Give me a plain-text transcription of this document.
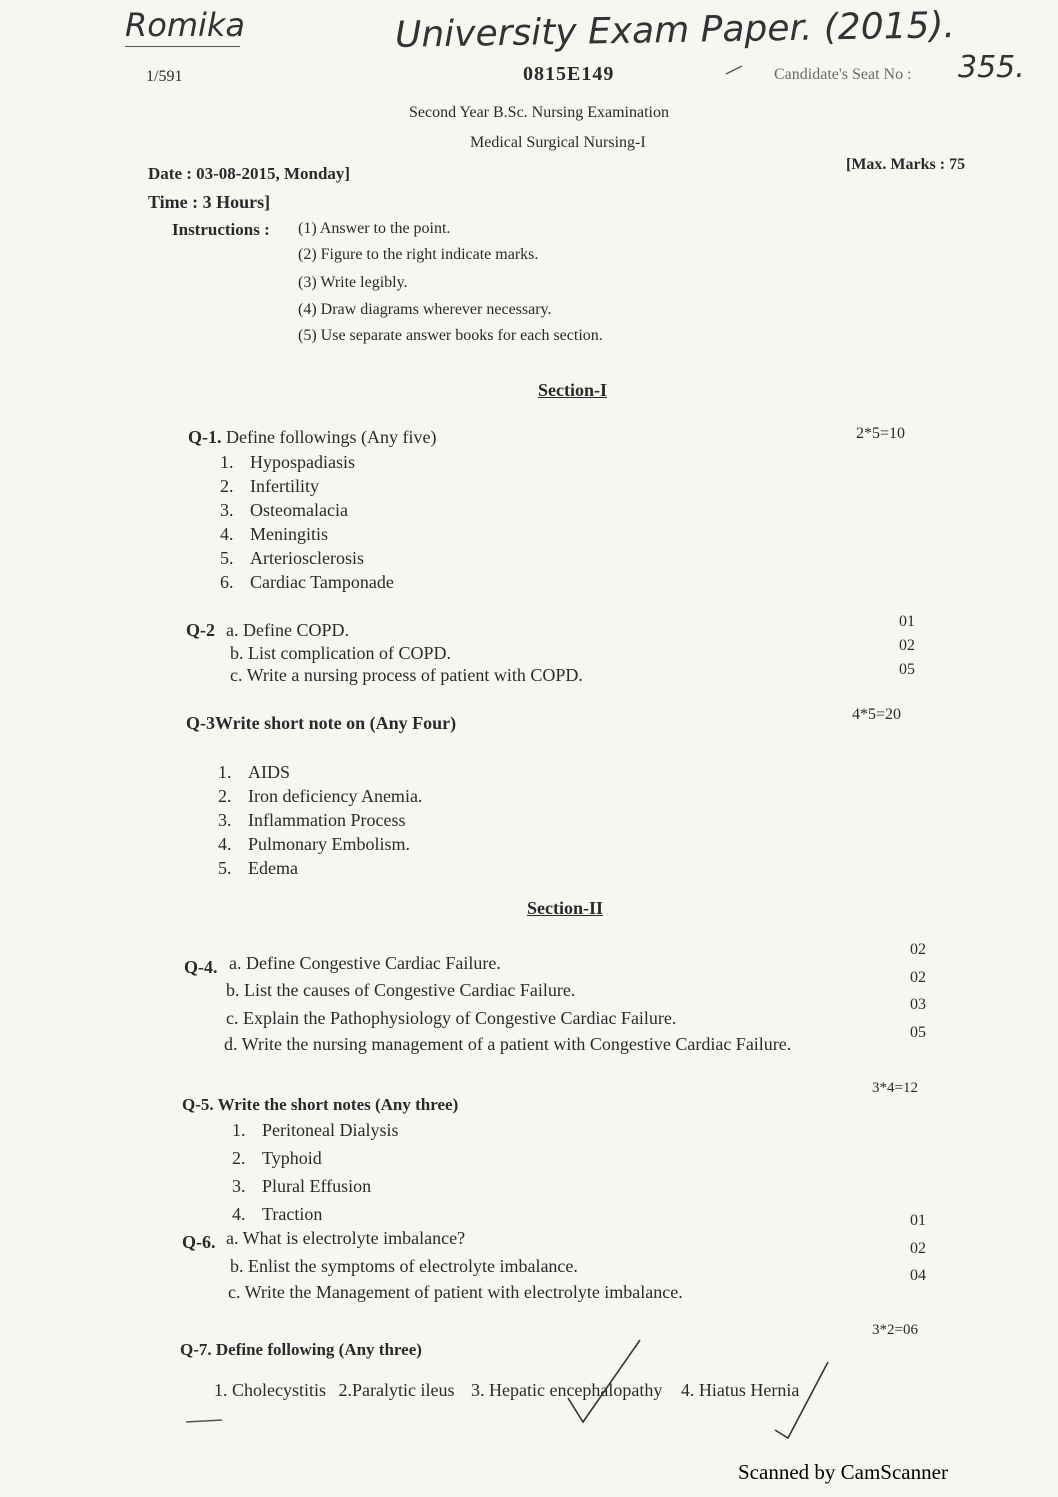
Romika	University Exam Paper. (2015).
355.
1/591	0815E149	Candidate's Seat No :
Second Year B.Sc. Nursing Examination
Medical Surgical Nursing-I
Date : 03-08-2015, Monday]	[Max. Marks : 75
Time : 3 Hours]
Instructions : (1) Answer to the point.
(2) Figure to the right indicate marks.
(3) Write legibly.
(4) Draw diagrams wherever necessary.
(5) Use separate answer books for each section.
Section-I
Q-1. Define followings (Any five)	2*5=10
1. Hypospadiasis
2. Infertility
3. Osteomalacia
4. Meningitis
5. Arteriosclerosis
6. Cardiac Tamponade
Q-2 a. Define COPD.	01
b. List complication of COPD.	02
c. Write a nursing process of patient with COPD.	05
Q-3Write short note on (Any Four)	4*5=20
1. AIDS
2. Iron deficiency Anemia.
3. Inflammation Process
4. Pulmonary Embolism.
5. Edema
Section-II
Q-4. a. Define Congestive Cardiac Failure.
02
b. List the causes of Congestive Cardiac Failure.
02
c. Explain the Pathophysiology of Congestive Cardiac Failure.
03
d. Write the nursing management of a patient with Congestive Cardiac Failure.
05
Q-5. Write the short notes (Any three)
3*4=12
1. Peritoneal Dialysis
2. Typhoid
3. Plural Effusion
4. Traction
Q-6. a. What is electrolyte imbalance?
01
b. Enlist the symptoms of electrolyte imbalance.
02
c. Write the Management of patient with electrolyte imbalance.
04
Q-7. Define following (Any three)
3*2=06
1. Cholecystitis 2.Paralytic ileus 3. Hepatic encephalopathy 4. Hiatus Hernia
Scanned by CamScanner
